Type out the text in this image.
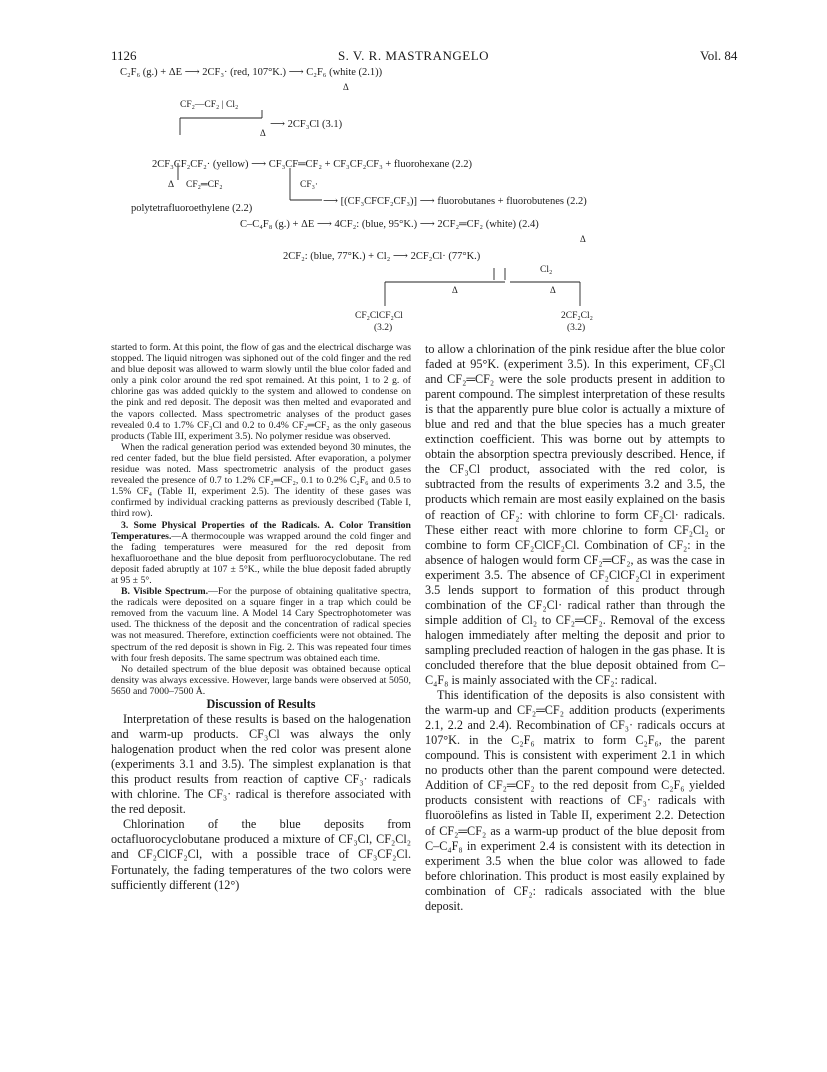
1126	S. V. R. MASTRANGELO	Vol. 84
C₂F₆ (g.) + ΔE ⟶ 2CF₃· (red, 107°K.) ⟶ C₂F₆ (white (2.1))
Δ
CF₂—CF₂ | Cl₂
Δ
⟶ 2CF₃Cl (3.1)
2CF₃CF₂CF₂· (yellow) ⟶ CF₃CF═CF₂ + CF₃CF₂CF₃ + fluorohexane (2.2)
Δ CF₂═CF₂	CF₃·
polytetrafluoroethylene (2.2)
⟶ [(CF₃CFCF₂CF₃)] ⟶ fluorobutanes + fluorobutenes (2.2)
C–C₄F₈ (g.) + ΔE ⟶ 4CF₂: (blue, 95°K.) ⟶ 2CF₂═CF₂ (white) (2.4)
Δ
2CF₂: (blue, 77°K.) + Cl₂ ⟶ 2CF₂Cl· (77°K.)
Cl₂
Δ	Δ
CF₂ClCF₂Cl
(3.2)
2CF₂Cl₂
(3.2)

started to form. At this point, the flow of gas and the electrical discharge was stopped. The liquid nitrogen was siphoned out of the cold finger and the red and blue deposit was allowed to warm slowly until the blue color faded and only a pink color around the red spot remained. At this point, 1 to 2 g. of chlorine gas was added quickly to the system and allowed to condense on the pink and red deposit. The deposit was then melted and evaporated and the vapors collected. Mass spectrometric analyses of the product gases revealed 0.4 to 1.7% CF₃Cl and 0.2 to 0.4% CF₂═CF₂ as the only gaseous products (Table III, experiment 3.5). No polymer residue was observed.

When the radical generation period was extended beyond 30 minutes, the red center faded, but the blue field persisted. After evaporation, a polymer residue was noted. Mass spectrometric analysis of the product gases revealed the presence of 0.7 to 1.2% CF₂═CF₂, 0.1 to 0.2% C₂F₆ and 0.5 to 1.5% CF₄ (Table II, experiment 2.5). The identity of these gases was confirmed by individual cracking patterns as previously described (Table I, third row).

3. Some Physical Properties of the Radicals. A. Color Transition Temperatures.—A thermocouple was wrapped around the cold finger and the fading temperatures were measured for the red deposit from hexafluoroethane and the blue deposit from perfluorocyclobutane. The red deposit faded abruptly at 107 ± 5°K., while the blue deposit faded abruptly at 95 ± 5°.

B. Visible Spectrum.—For the purpose of obtaining qualitative spectra, the radicals were deposited on a square finger in a trap which could be removed from the vacuum line. A Model 14 Cary Spectrophotometer was used. The thickness of the deposit and the concentration of radical species was not measured. Therefore, extinction coefficients were not obtained. The spectrum of the red deposit is shown in Fig. 2. This was repeated four times with four fresh deposits. The same spectrum was obtained each time.

No detailed spectrum of the blue deposit was obtained because optical density was always excessive. However, large bands were observed at 5050, 5650 and 7000–7500 Å.

Discussion of Results

Interpretation of these results is based on the halogenation and warm-up products. CF₃Cl was always the only halogenation product when the red color was present alone (experiments 3.1 and 3.5). The simplest explanation is that this product results from reaction of captive CF₃· radicals with chlorine. The CF₃· radical is therefore associated with the red deposit.

Chlorination of the blue deposits from octafluorocyclobutane produced a mixture of CF₃Cl, CF₂Cl₂ and CF₂ClCF₂Cl, with a possible trace of CF₃CF₂Cl. Fortunately, the fading temperatures of the two colors were sufficiently different (12°)

to allow a chlorination of the pink residue after the blue color faded at 95°K. (experiment 3.5). In this experiment, CF₃Cl and CF₂═CF₂ were the sole products present in addition to parent compound. The simplest interpretation of these results is that the apparently pure blue color is actually a mixture of blue and red and that the blue species has a much greater extinction coefficient. This was borne out by attempts to obtain the absorption spectra previously described. Hence, if the CF₃Cl product, associated with the red color, is subtracted from the results of experiments 3.2 and 3.5, the products which remain are most easily explained on the basis of reaction of CF₂: with chlorine to form CF₂Cl· radicals. These either react with more chlorine to form CF₂Cl₂ or combine to form CF₂ClCF₂Cl. Combination of CF₂: in the absence of halogen would form CF₂═CF₂, as was the case in experiment 3.5. The absence of CF₂ClCF₂Cl in experiment 3.5 lends support to formation of this product through combination of the CF₂Cl· radical rather than through the simple addition of Cl₂ to CF₂═CF₂. Removal of the excess halogen immediately after melting the deposit and prior to sampling precluded reaction of halogen in the gas phase. It is concluded therefore that the blue deposit obtained from C–C₄F₈ is mainly associated with the CF₂: radical.

This identification of the deposits is also consistent with the warm-up and CF₂═CF₂ addition products (experiments 2.1, 2.2 and 2.4). Recombination of CF₃· radicals occurs at 107°K. in the C₂F₆ matrix to form C₂F₆, the parent compound. This is consistent with experiment 2.1 in which no products other than the parent compound were detected. Addition of CF₂═CF₂ to the red deposit from C₂F₆ yielded products consistent with reactions of CF₃· radicals with fluoroölefins as listed in Table II, experiment 2.2. Detection of CF₂═CF₂ as a warm-up product of the blue deposit from C–C₄F₈ in experiment 2.4 is consistent with its detection in experiment 3.5 when the blue color was allowed to fade before chlorination. This product is most easily explained by combination of CF₂: radicals associated with the blue deposit.
